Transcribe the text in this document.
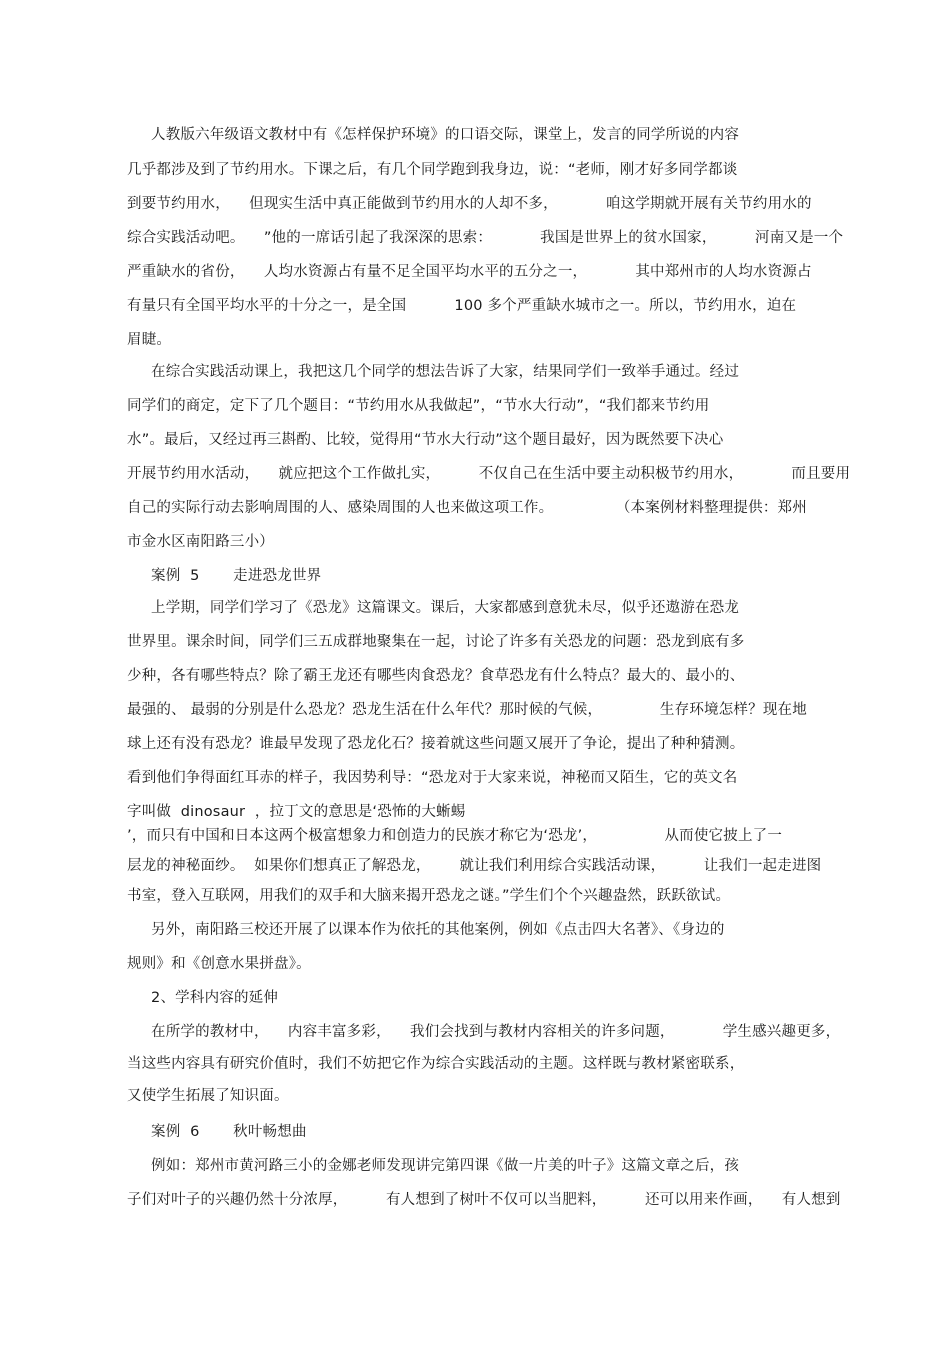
人教版六年级语文教材中有《怎样保护环境》的口语交际，课堂上，发言的同学所说的内容
几乎都涉及到了节约用水。下课之后，有几个同学跑到我身边，说：“老师，刚才好多同学都谈
到要节约用水，    但现实生活中真正能做到节约用水的人却不多，          咱这学期就开展有关节约用水的
综合实践活动吧。    ”他的一席话引起了我深深的思索：          我国是世界上的贫水国家，        河南又是一个
严重缺水的省份，    人均水资源占有量不足全国平均水平的五分之一，          其中郑州市的人均水资源占
有量只有全国平均水平的十分之一，是全国          100 多个严重缺水城市之一。所以，节约用水，迫在
眉睫。
在综合实践活动课上，我把这几个同学的想法告诉了大家，结果同学们一致举手通过。经过
同学们的商定，定下了几个题目：“节约用水从我做起”，“节水大行动”，“我们都来节约用
水”。最后，又经过再三斟酌、比较，觉得用“节水大行动”这个题目最好，因为既然要下决心
开展节约用水活动，    就应把这个工作做扎实，        不仅自己在生活中要主动积极节约用水，          而且要用
自己的实际行动去影响周围的人、感染周围的人也来做这项工作。             （本案例材料整理提供：郑州
市金水区南阳路三小）
案例  5       走进恐龙世界
上学期，同学们学习了《恐龙》这篇课文。课后，大家都感到意犹未尽，似乎还遨游在恐龙
世界里。课余时间，同学们三五成群地聚集在一起，讨论了许多有关恐龙的问题：恐龙到底有多
少种，各有哪些特点？除了霸王龙还有哪些肉食恐龙？食草恐龙有什么特点？最大的、最小的、
最强的、 最弱的分别是什么恐龙？恐龙生活在什么年代？那时候的气候，            生存环境怎样？现在地
球上还有没有恐龙？谁最早发现了恐龙化石？接着就这些问题又展开了争论，提出了种种猜测。
看到他们争得面红耳赤的样子，我因势利导：“恐龙对于大家来说，神秘而又陌生，它的英文名
字叫做  dinosaur  ，拉丁文的意思是‘恐怖的大蜥蜴
’，而只有中国和日本这两个极富想象力和创造力的民族才称它为‘恐龙’，              从而使它披上了一
层龙的神秘面纱。  如果你们想真正了解恐龙，      就让我们利用综合实践活动课，        让我们一起走进图
书室，登入互联网，用我们的双手和大脑来揭开恐龙之谜。”学生们个个兴趣盎然，跃跃欲试。
另外，南阳路三校还开展了以课本作为依托的其他案例，例如《点击四大名著》、《身边的
规则》和《创意水果拼盘》。
2、学科内容的延伸
在所学的教材中，    内容丰富多彩，    我们会找到与教材内容相关的许多问题，          学生感兴趣更多，
当这些内容具有研究价值时，我们不妨把它作为综合实践活动的主题。这样既与教材紧密联系，
又使学生拓展了知识面。
案例  6       秋叶畅想曲
例如：郑州市黄河路三小的金娜老师发现讲完第四课《做一片美的叶子》这篇文章之后，孩
子们对叶子的兴趣仍然十分浓厚，        有人想到了树叶不仅可以当肥料，        还可以用来作画，    有人想到
